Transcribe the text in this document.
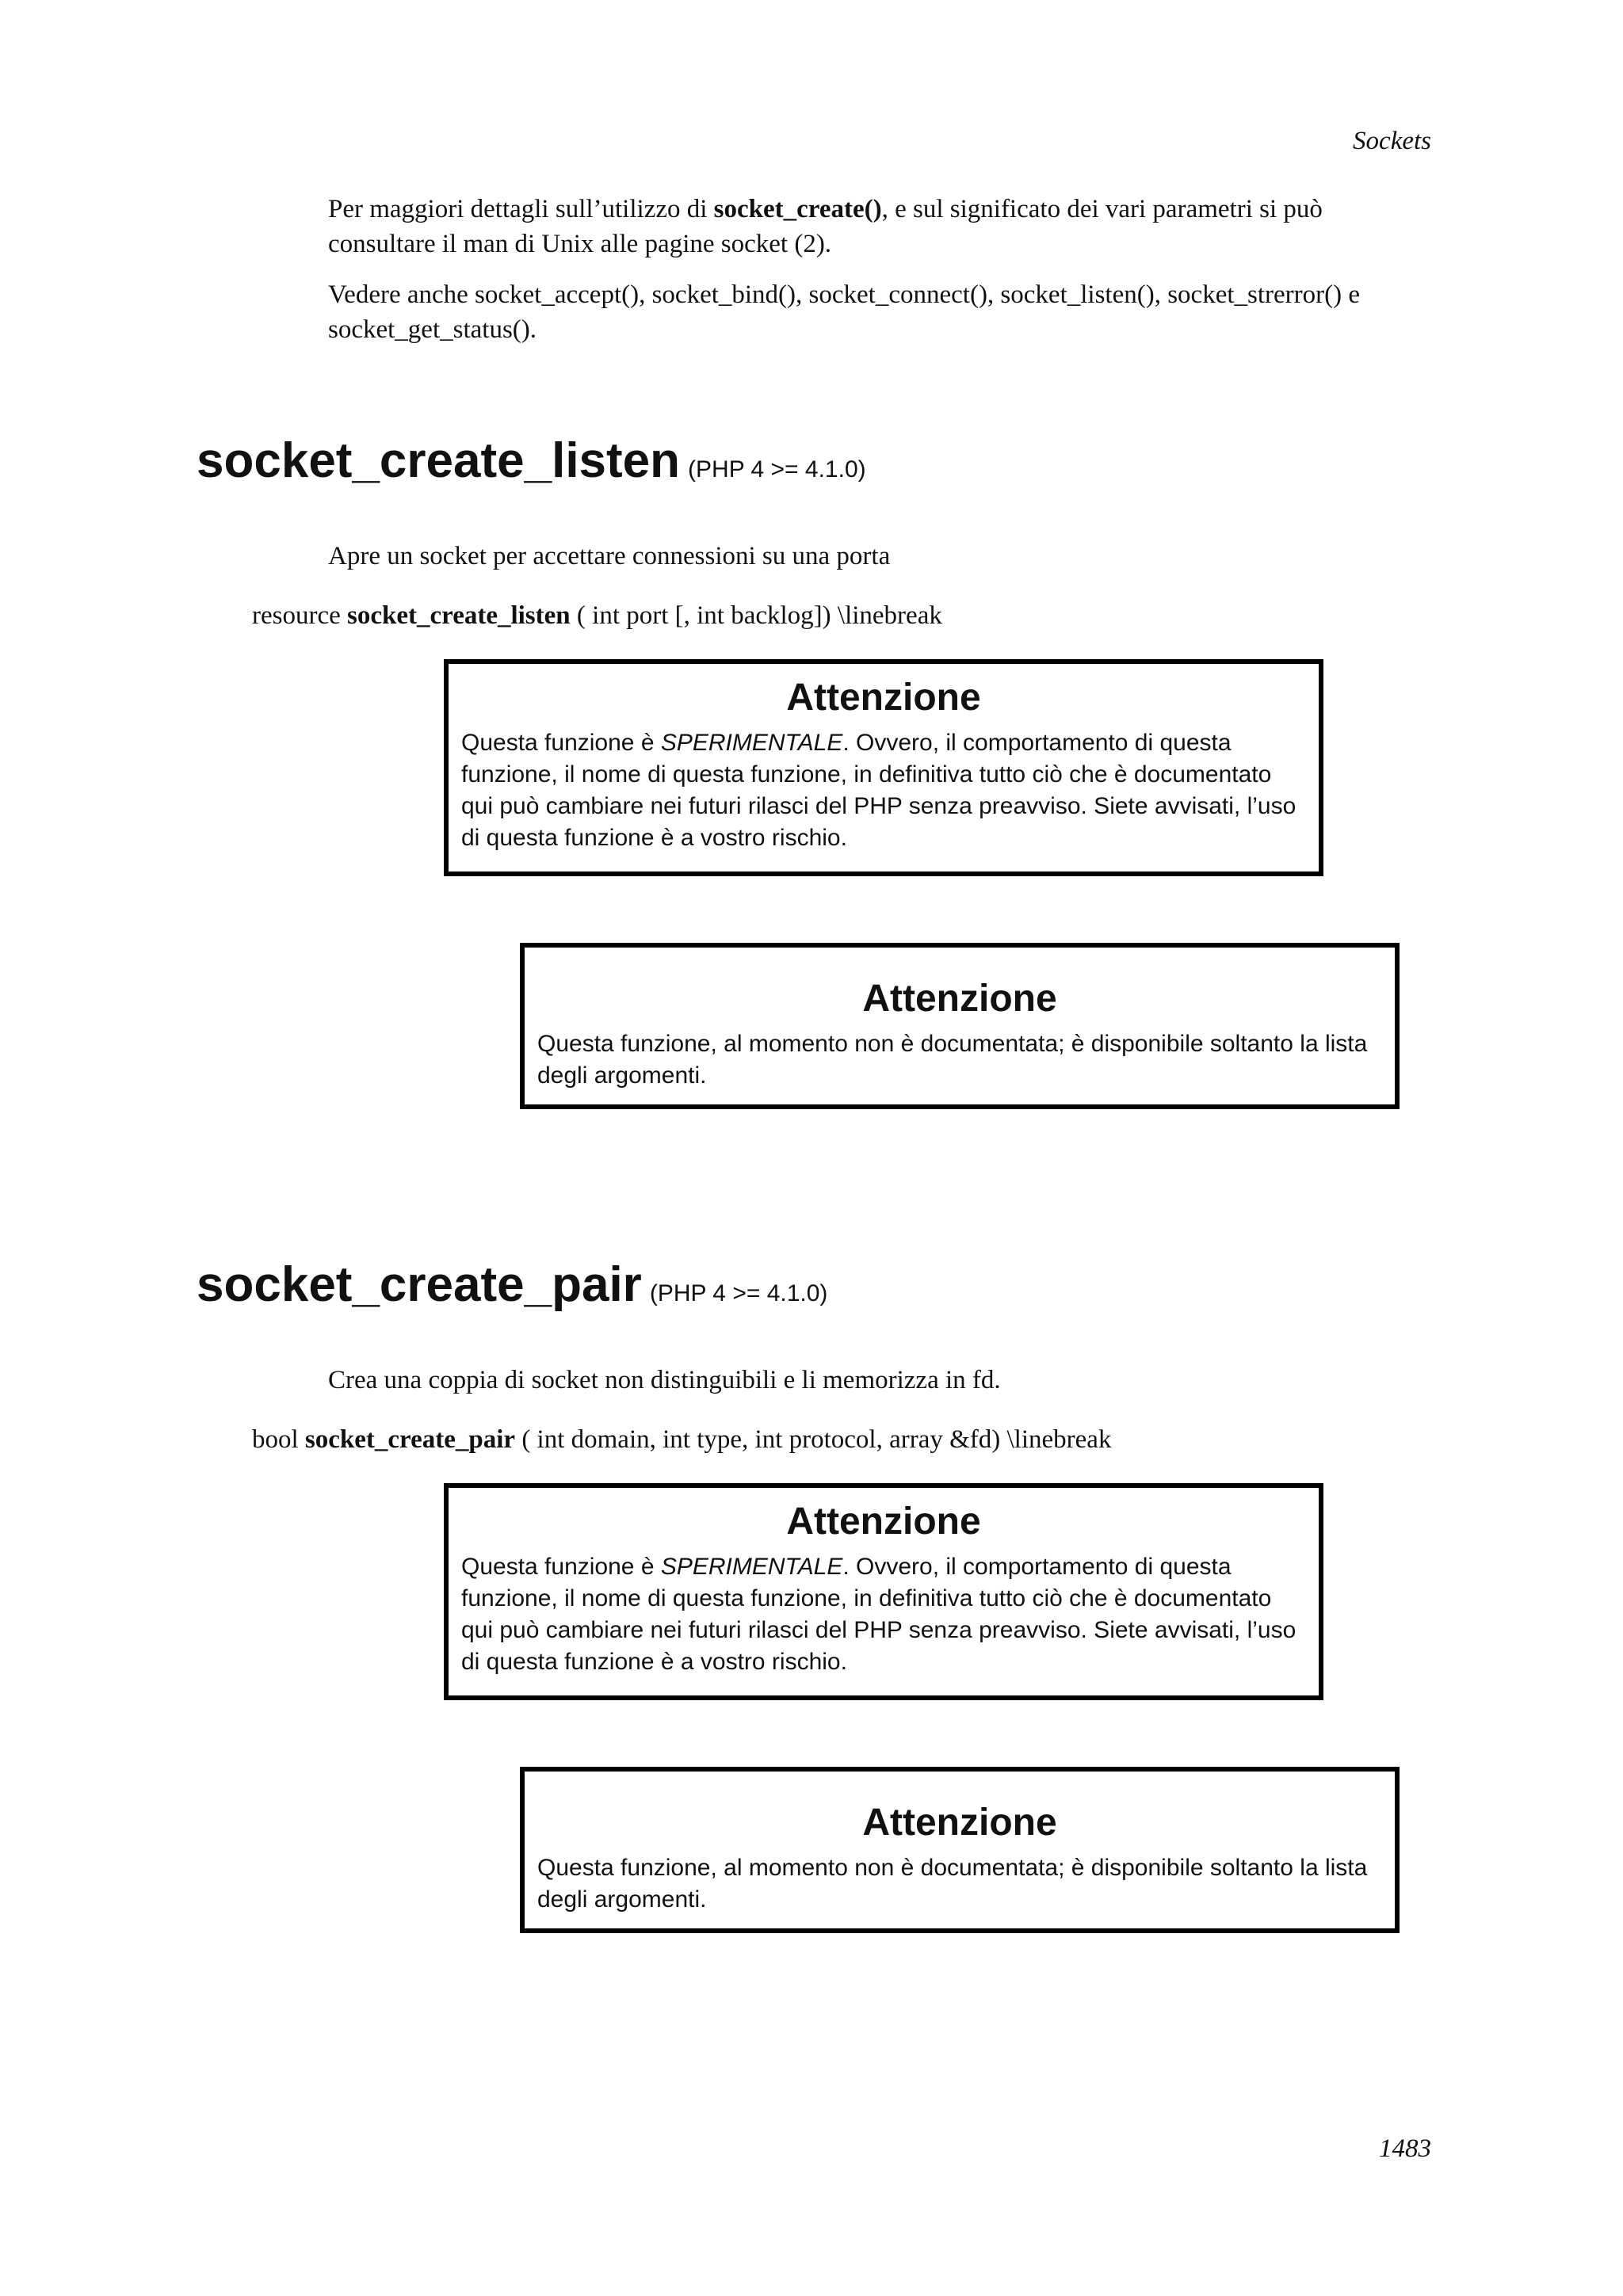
Sockets

Per maggiori dettagli sull’utilizzo di socket_create(), e sul significato dei vari parametri si può consultare il man di Unix alle pagine socket (2).

Vedere anche socket_accept(), socket_bind(), socket_connect(), socket_listen(), socket_strerror() e socket_get_status().

socket_create_listen (PHP 4 >= 4.1.0)
Apre un socket per accettare connessioni su una porta
resource socket_create_listen ( int port [, int backlog]) \linebreak

Attenzione

Questa funzione è SPERIMENTALE. Ovvero, il comportamento di questa funzione, il nome di questa funzione, in definitiva tutto ciò che è documentato qui può cambiare nei futuri rilasci del PHP senza preavviso. Siete avvisati, l’uso di questa funzione è a vostro rischio.

Attenzione

Questa funzione, al momento non è documentata; è disponibile soltanto la lista degli argomenti.

socket_create_pair (PHP 4 >= 4.1.0)
Crea una coppia di socket non distinguibili e li memorizza in fd.
bool socket_create_pair ( int domain, int type, int protocol, array &fd) \linebreak

Attenzione

Questa funzione è SPERIMENTALE. Ovvero, il comportamento di questa funzione, il nome di questa funzione, in definitiva tutto ciò che è documentato qui può cambiare nei futuri rilasci del PHP senza preavviso. Siete avvisati, l’uso di questa funzione è a vostro rischio.

Attenzione

Questa funzione, al momento non è documentata; è disponibile soltanto la lista degli argomenti.

1483
